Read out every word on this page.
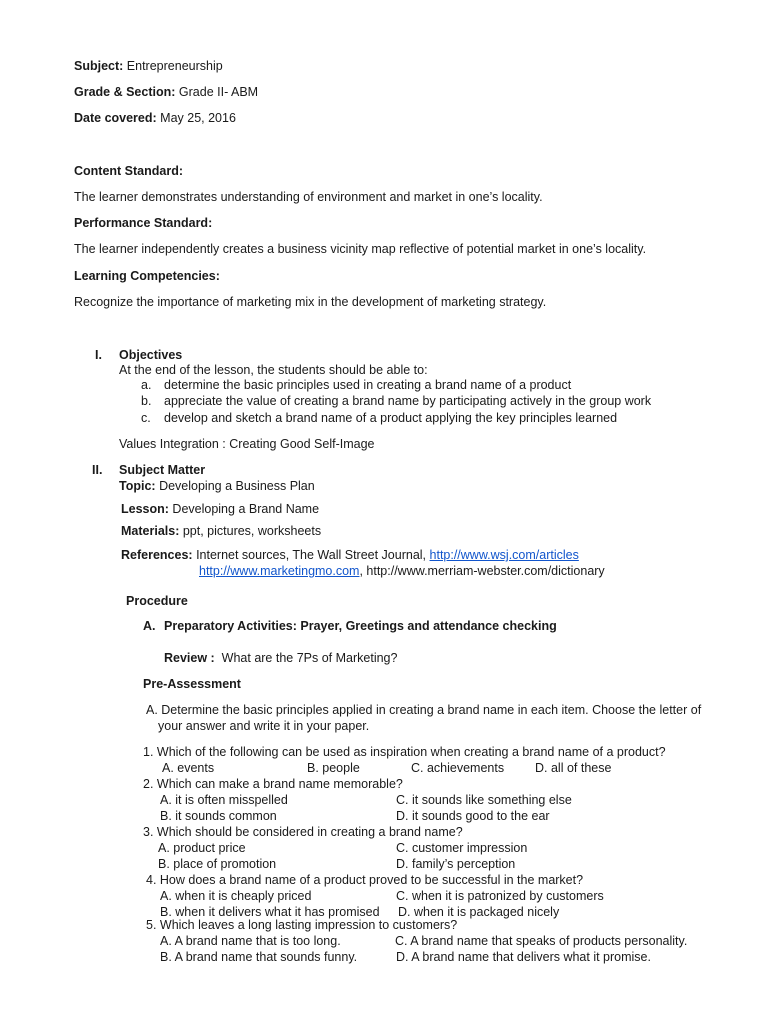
Subject: Entrepreneurship
Grade & Section: Grade II- ABM
Date covered: May 25, 2016
Content Standard:
The learner demonstrates understanding of environment and market in one’s locality.
Performance Standard:
The learner independently creates a business vicinity map reflective of potential market in one’s locality.
Learning Competencies:
Recognize the importance of marketing mix in the development of marketing strategy.
I. Objectives
At the end of the lesson, the students should be able to:
a. determine the basic principles used in creating a brand name of a product
b. appreciate the value of creating a brand name by participating actively in the group work
c. develop and sketch a brand name of a product applying the key principles learned
Values Integration : Creating Good Self-Image
II. Subject Matter
Topic: Developing a Business Plan
Lesson: Developing a Brand Name
Materials: ppt, pictures, worksheets
References: Internet sources, The Wall Street Journal, http://www.wsj.com/articles
http://www.marketingmo.com, http://www.merriam-webster.com/dictionary
Procedure
A. Preparatory Activities: Prayer, Greetings and attendance checking
Review : What are the 7Ps of Marketing?
Pre-Assessment
A. Determine the basic principles applied in creating a brand name in each item. Choose the letter of
your answer and write it in your paper.
1. Which of the following can be used as inspiration when creating a brand name of a product?
A. events	B. people	C. achievements D. all of these
2. Which can make a brand name memorable?
A. it is often misspelled	C. it sounds like something else
B. it sounds common	D. it sounds good to the ear
3. Which should be considered in creating a brand name?
A. product price	C. customer impression
B. place of promotion	D. family’s perception
4. How does a brand name of a product proved to be successful in the market?
A. when it is cheaply priced	C. when it is patronized by customers
B. when it delivers what it has promised D. when it is packaged nicely
5. Which leaves a long lasting impression to customers?
A. A brand name that is too long.	C. A brand name that speaks of products personality.
B. A brand name that sounds funny.	D. A brand name that delivers what it promise.
